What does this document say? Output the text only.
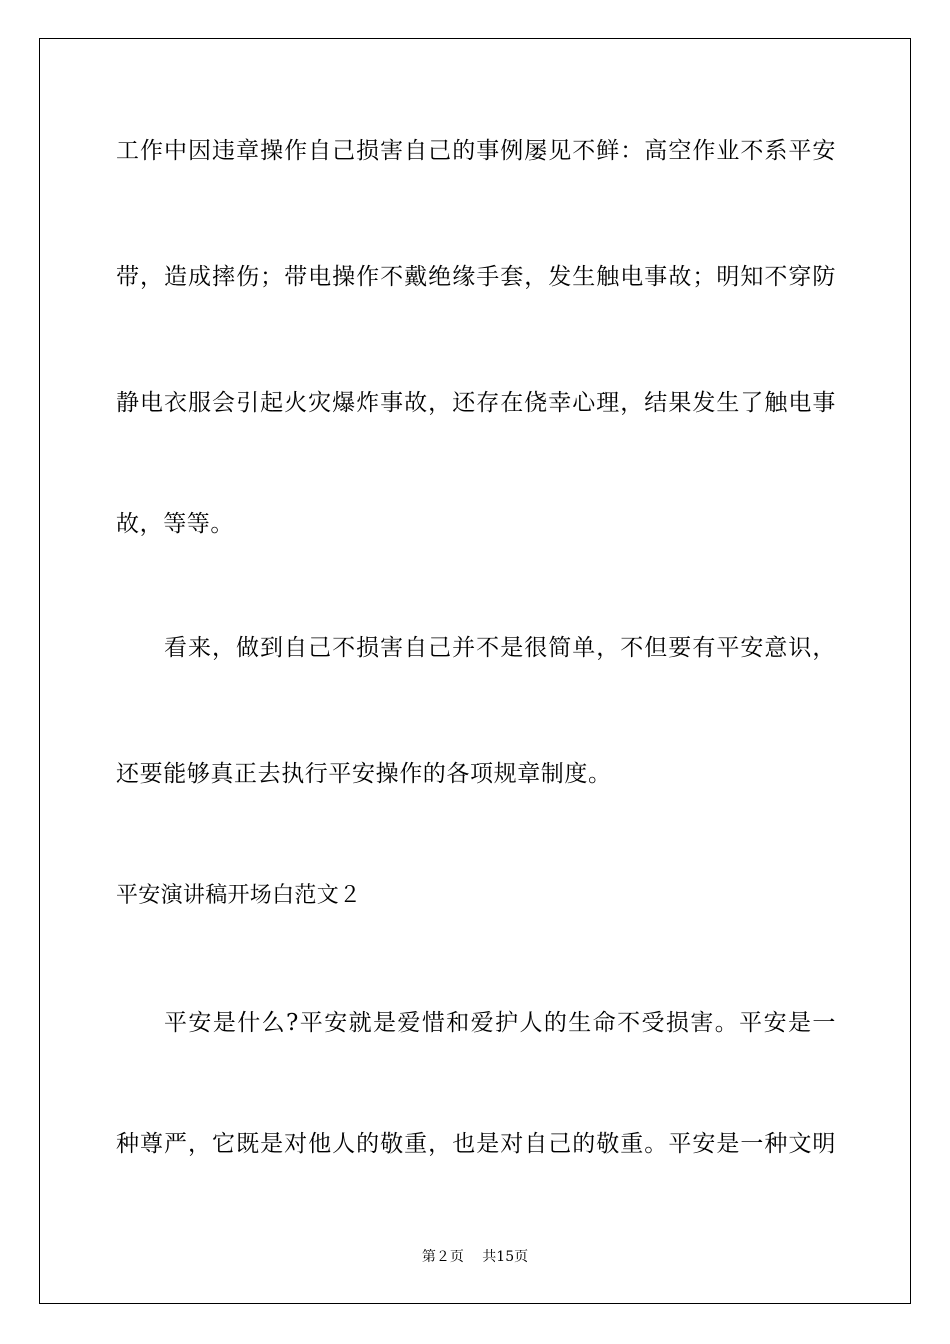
工作中因违章操作自己损害自己的事例屡见不鲜：高空作业不系平安
带，造成摔伤；带电操作不戴绝缘手套，发生触电事故；明知不穿防
静电衣服会引起火灾爆炸事故，还存在侥幸心理，结果发生了触电事
故，等等。
看来，做到自己不损害自己并不是很简单，不但要有平安意识，
还要能够真正去执行平安操作的各项规章制度。
平安演讲稿开场白范文２
平安是什么?平安就是爱惜和爱护人的生命不受损害。平安是一
种尊严，它既是对他人的敬重，也是对自己的敬重。平安是一种文明
第２页　 共15页
